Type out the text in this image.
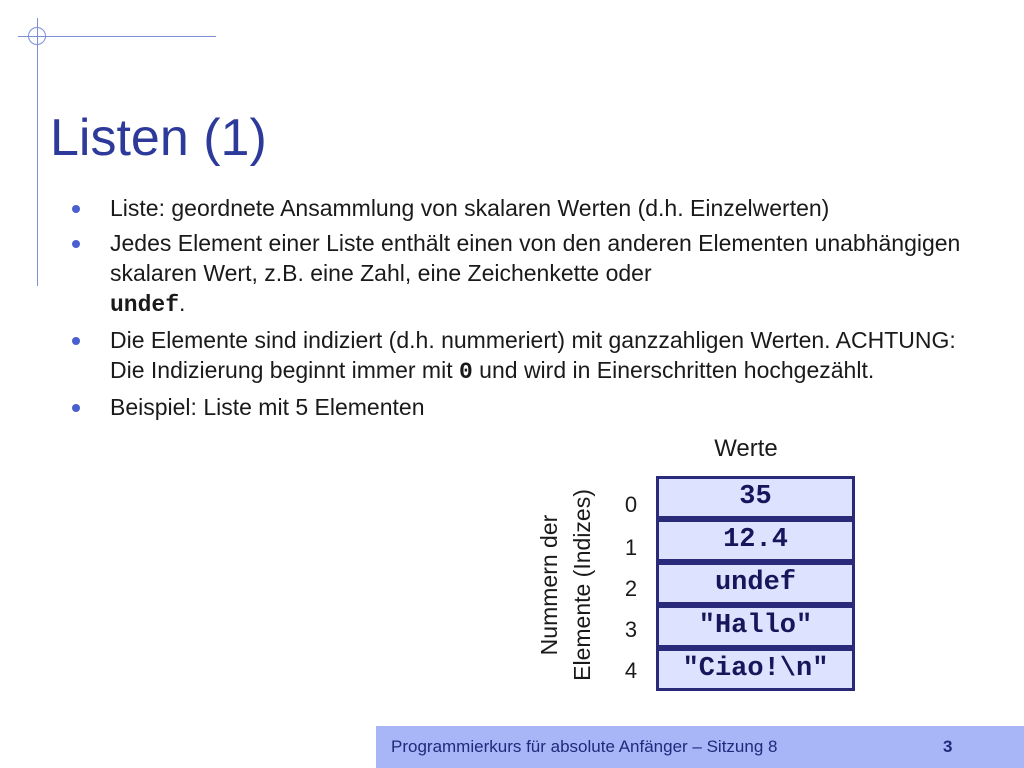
Listen (1)
Liste: geordnete Ansammlung von skalaren Werten (d.h. Einzelwerten)
Jedes Element einer Liste enthält einen von den anderen Elementen unabhängigen skalaren Wert, z.B. eine Zahl, eine Zeichenkette oder
undef.
Die Elemente sind indiziert (d.h. nummeriert) mit ganzzahligen Werten. ACHTUNG: Die Indizierung beginnt immer mit 0 und wird in Einerschritten hochgezählt.
Beispiel: Liste mit 5 Elementen
Werte
Nummern der Elemente (Indizes) 0
1
2
3
4
35
12.4
undef
"Hallo"
"Ciao!\n"
Programmierkurs für absolute Anfänger – Sitzung 8	3
